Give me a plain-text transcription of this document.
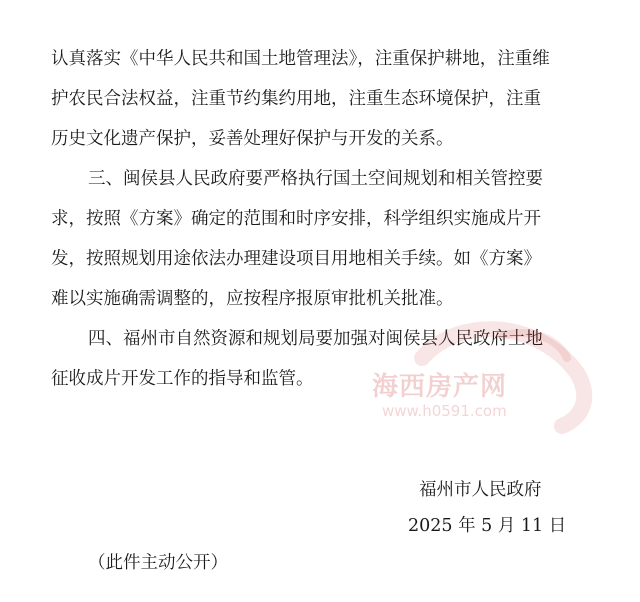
认真落实《中华人民共和国土地管理法》，注重保护耕地，注重维
护农民合法权益，注重节约集约用地，注重生态环境保护，注重
历史文化遗产保护，妥善处理好保护与开发的关系。
三、闽侯县人民政府要严格执行国土空间规划和相关管控要
求，按照《方案》确定的范围和时序安排，科学组织实施成片开
发，按照规划用途依法办理建设项目用地相关手续。如《方案》
难以实施确需调整的，应按程序报原审批机关批准。
四、福州市自然资源和规划局要加强对闽侯县人民政府土地
征收成片开发工作的指导和监管。	海西房产网
www.h0591.com
福州市人民政府
2025 年 5 月 11 日
（此件主动公开）
